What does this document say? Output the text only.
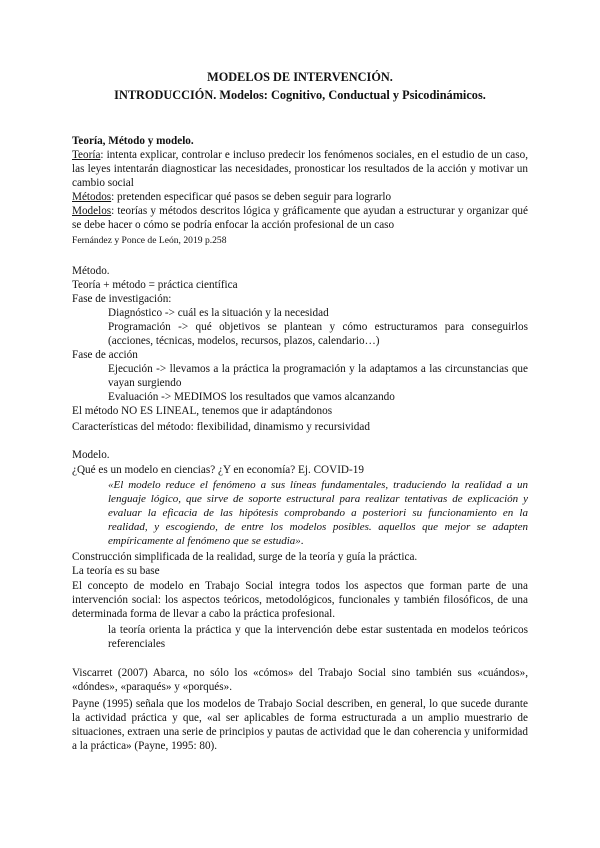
MODELOS DE INTERVENCIÓN.
INTRODUCCIÓN. Modelos: Cognitivo, Conductual y Psicodinámicos.
Teoría, Método y modelo.

Teoría: intenta explicar, controlar e incluso predecir los fenómenos sociales, en el estudio de un caso, las leyes intentarán diagnosticar las necesidades, pronosticar los resultados de la acción y motivar un cambio social

Métodos: pretenden especificar qué pasos se deben seguir para lograrlo

Modelos: teorías y métodos descritos lógica y gráficamente que ayudan a estructurar y organizar qué se debe hacer o cómo se podría enfocar la acción profesional de un caso

Fernández y Ponce de León, 2019 p.258
Método.
Teoría + método = práctica científica
Fase de investigación:
Diagnóstico -> cuál es la situación y la necesidad

Programación -> qué objetivos se plantean y cómo estructuramos para conseguirlos (acciones, técnicas, modelos, recursos, plazos, calendario…)

Fase de acción

Ejecución -> llevamos a la práctica la programación y la adaptamos a las circunstancias que vayan surgiendo

Evaluación -> MEDIMOS los resultados que vamos alcanzando
El método NO ES LINEAL, tenemos que ir adaptándonos
Características del método: flexibilidad, dinamismo y recursividad
Modelo.
¿Qué es un modelo en ciencias? ¿Y en economía? Ej. COVID-19

«El modelo reduce el fenómeno a sus líneas fundamentales, traduciendo la realidad a un lenguaje lógico, que sirve de soporte estructural para realizar tentativas de explicación y evaluar la eficacia de las hipótesis comprobando a posteriori su funcionamiento en la realidad, y escogiendo, de entre los modelos posibles. aquellos que mejor se adapten empíricamente al fenómeno que se estudia».

Construcción simplificada de la realidad, surge de la teoría y guía la práctica.
La teoría es su base

El concepto de modelo en Trabajo Social integra todos los aspectos que forman parte de una intervención social: los aspectos teóricos, metodológicos, funcionales y también filosóficos, de una determinada forma de llevar a cabo la práctica profesional.

la teoría orienta la práctica y que la intervención debe estar sustentada en modelos teóricos referenciales

Viscarret (2007) Abarca, no sólo los «cómos» del Trabajo Social sino también sus «cuándos», «dóndes», «paraqués» y «porqués».

Payne (1995) señala que los modelos de Trabajo Social describen, en general, lo que sucede durante la actividad práctica y que, «al ser aplicables de forma estructurada a un amplio muestrario de situaciones, extraen una serie de principios y pautas de actividad que le dan coherencia y uniformidad a la práctica» (Payne, 1995: 80).
